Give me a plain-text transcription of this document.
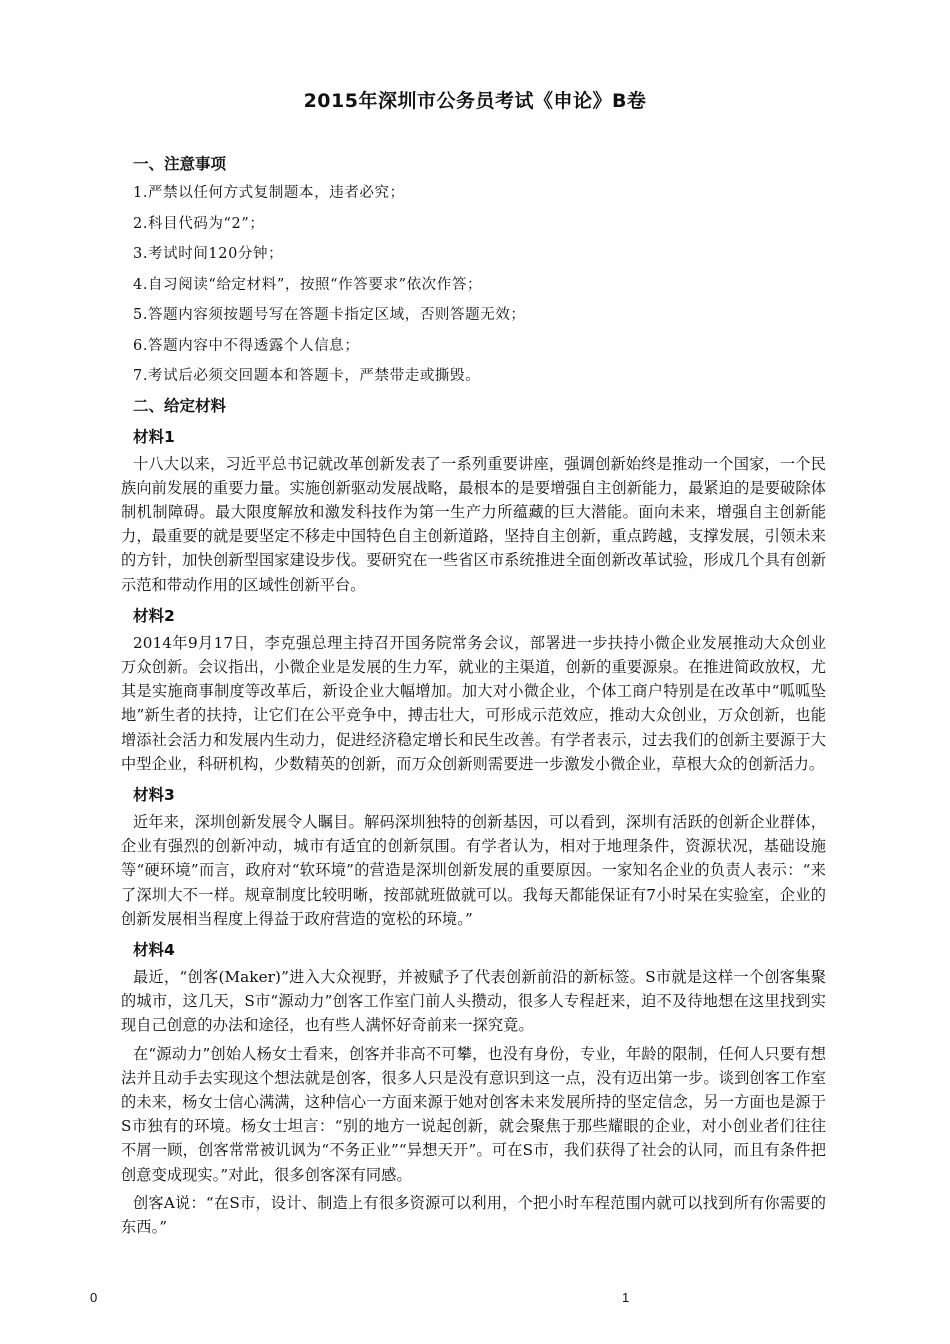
2015年深圳市公务员考试《申论》B卷
一、注意事项
1.严禁以任何方式复制题本，违者必究；
2.科目代码为“2”；
3.考试时间120分钟；
4.自习阅读“给定材料”，按照“作答要求”依次作答；
5.答题内容须按题号写在答题卡指定区域，否则答题无效；
6.答题内容中不得透露个人信息；
7.考试后必须交回题本和答题卡，严禁带走或撕毁。
二、给定材料
材料1

十八大以来，习近平总书记就改革创新发表了一系列重要讲座，强调创新始终是推动一个国家，一个民族向前发展的重要力量。实施创新驱动发展战略，最根本的是要增强自主创新能力，最紧迫的是要破除体制机制障碍。最大限度解放和激发科技作为第一生产力所蕴藏的巨大潜能。面向未来，增强自主创新能力，最重要的就是要坚定不移走中国特色自主创新道路，坚持自主创新，重点跨越，支撑发展，引领未来的方针，加快创新型国家建设步伐。要研究在一些省区市系统推进全面创新改革试验，形成几个具有创新示范和带动作用的区域性创新平台。

材料2

2014年9月17日，李克强总理主持召开国务院常务会议，部署进一步扶持小微企业发展推动大众创业万众创新。会议指出，小微企业是发展的生力军，就业的主渠道，创新的重要源泉。在推进简政放权，尤其是实施商事制度等改革后，新设企业大幅增加。加大对小微企业，个体工商户特别是在改革中“呱呱坠地”新生者的扶持，让它们在公平竞争中，搏击壮大，可形成示范效应，推动大众创业，万众创新，也能增添社会活力和发展内生动力，促进经济稳定增长和民生改善。有学者表示，过去我们的创新主要源于大中型企业，科研机构，少数精英的创新，而万众创新则需要进一步激发小微企业，草根大众的创新活力。

材料3

近年来，深圳创新发展令人瞩目。解码深圳独特的创新基因，可以看到，深圳有活跃的创新企业群体，企业有强烈的创新冲动，城市有适宜的创新氛围。有学者认为，相对于地理条件，资源状况，基础设施等“硬环境”而言，政府对“软环境”的营造是深圳创新发展的重要原因。一家知名企业的负责人表示：“来了深圳大不一样。规章制度比较明晰，按部就班做就可以。我每天都能保证有7小时呆在实验室，企业的创新发展相当程度上得益于政府营造的宽松的环境。”

材料4

最近，“创客(Maker)”进入大众视野，并被赋予了代表创新前沿的新标签。S市就是这样一个创客集聚的城市，这几天，S市“源动力”创客工作室门前人头攒动，很多人专程赶来，迫不及待地想在这里找到实现自己创意的办法和途径，也有些人满怀好奇前来一探究竟。

在“源动力”创始人杨女士看来，创客并非高不可攀，也没有身份，专业，年龄的限制，任何人只要有想法并且动手去实现这个想法就是创客，很多人只是没有意识到这一点，没有迈出第一步。谈到创客工作室的未来，杨女士信心满满，这种信心一方面来源于她对创客未来发展所持的坚定信念，另一方面也是源于S市独有的环境。杨女士坦言：“别的地方一说起创新，就会聚焦于那些耀眼的企业，对小创业者们往往不屑一顾，创客常常被讥讽为“不务正业”“异想天开”。可在S市，我们获得了社会的认同，而且有条件把创意变成现实。”对此，很多创客深有同感。

创客A说：“在S市，设计、制造上有很多资源可以利用，个把小时车程范围内就可以找到所有你需要的东西。”

0	1
